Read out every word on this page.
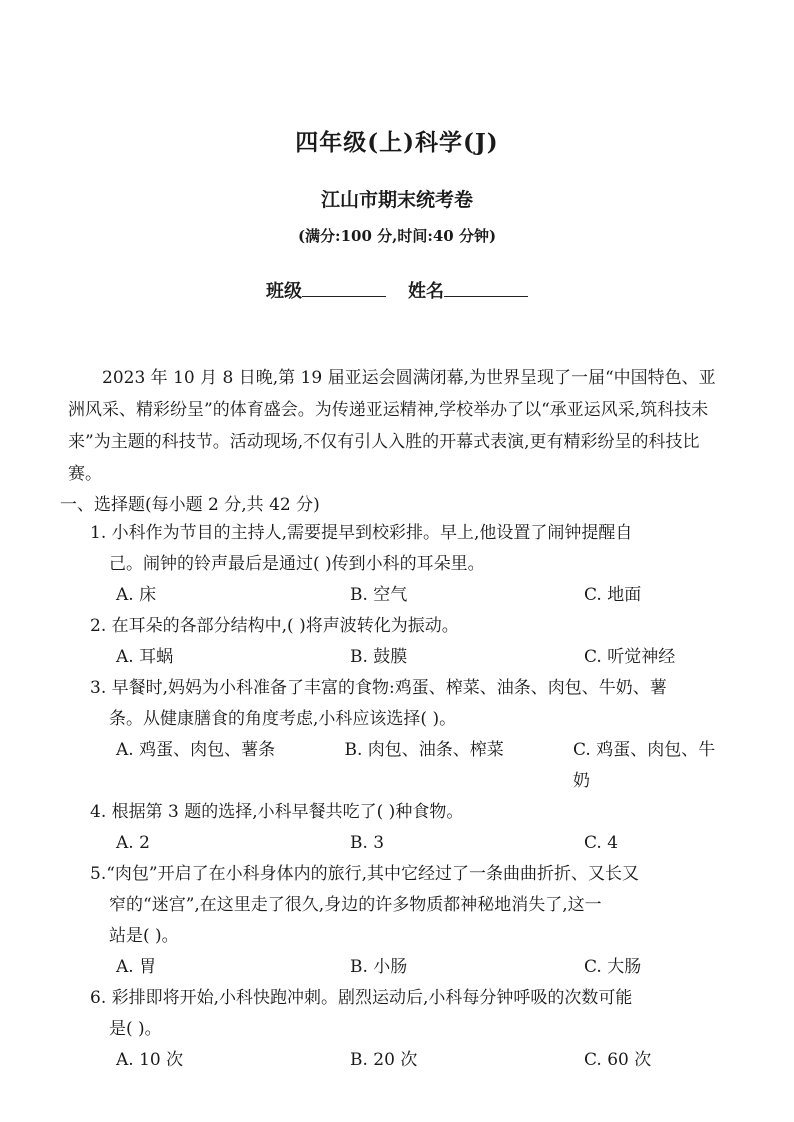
四年级(上)科学(J)
江山市期末统考卷
(满分:100 分,时间:40 分钟)
班级	姓名
2023 年 10 月 8 日晚,第 19 届亚运会圆满闭幕,为世界呈现了一届“中国特色、亚洲风采、精彩纷呈”的体育盛会。为传递亚运精神,学校举办了以“承亚运风采,筑科技未来”为主题的科技节。活动现场,不仅有引人入胜的开幕式表演,更有精彩纷呈的科技比赛。
一、选择题(每小题 2 分,共 42 分)
1. 小科作为节目的主持人,需要提早到校彩排。早上,他设置了闹钟提醒自
己。闹钟的铃声最后是通过( )传到小科的耳朵里。
A. 床	B. 空气	C. 地面
2. 在耳朵的各部分结构中,( )将声波转化为振动。
A. 耳蜗	B. 鼓膜	C. 听觉神经
3. 早餐时,妈妈为小科准备了丰富的食物:鸡蛋、榨菜、油条、肉包、牛奶、薯
条。从健康膳食的角度考虑,小科应该选择( )。
A. 鸡蛋、肉包、薯条	B. 肉包、油条、榨菜	C. 鸡蛋、肉包、牛奶
4. 根据第 3 题的选择,小科早餐共吃了( )种食物。
A. 2	B. 3	C. 4
5.“肉包”开启了在小科身体内的旅行,其中它经过了一条曲曲折折、又长又
窄的“迷宫”,在这里走了很久,身边的许多物质都神秘地消失了,这一
站是( )。
A. 胃	B. 小肠	C. 大肠
6. 彩排即将开始,小科快跑冲刺。剧烈运动后,小科每分钟呼吸的次数可能
是( )。
A. 10 次	B. 20 次	C. 60 次
